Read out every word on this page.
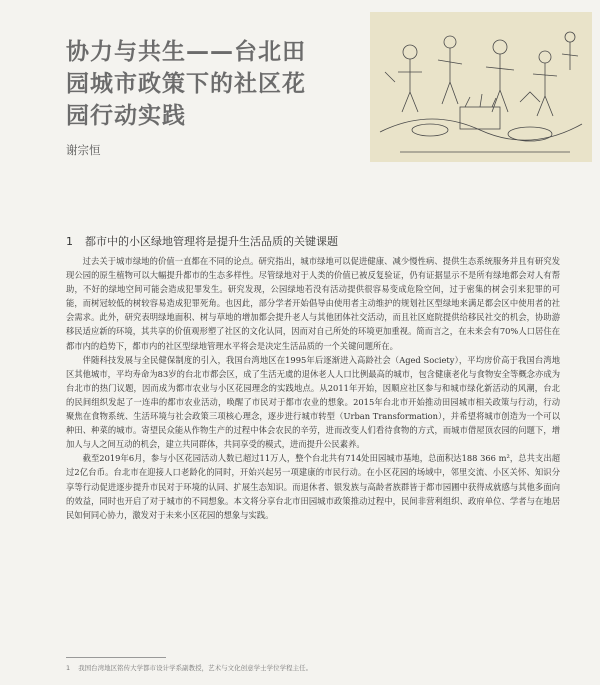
协力与共生——台北田
园城市政策下的社区花
园行动实践
谢宗恒
1 都市中的小区绿地管理将是提升生活品质的关键课题

过去关于城市绿地的价值一直都在不同的论点。研究指出，城市绿地可以促进健康、减少慢性病、提供生态系统服务并且有研究发现公园的原生植物可以大幅提升都市的生态多样性。尽管绿地对于人类的价值已被反复验证，仍有证据显示不是所有绿地都会对人有帮助，不好的绿地空间可能会造成犯罪发生。研究发现，公园绿地若没有活动提供很容易变成危险空间，过于密集的树会引来犯罪的可能，而树冠较低的树较容易造成犯罪死角。也因此，部分学者开始倡导由使用者主动维护的规划社区型绿地来满足都会区中使用者的社会需求。此外，研究表明绿地面积、树与草地的增加都会提升老人与其他团体社交活动，而且社区庭院提供给移民社交的机会，协助游移民适应新的环境，其共享的价值观形塑了社区的文化认同，因而对自己所处的环境更加重视。简而言之，在未来会有70%人口居住在都市内的趋势下，都市内的社区型绿地管理水平将会是决定生活品质的一个关键问题所在。

伴随科技发展与全民健保制度的引入，我国台湾地区在1995年后逐渐进入高龄社会（Aged Society），平均房价高于我国台湾地区其他城市，平均寿命为83岁的台北市都会区，成了生活无虞的退休老人人口比例最高的城市，包含健康老化与食物安全等概念亦成为台北市的热门议题，因而成为都市农业与小区花园理念的实践地点。从2011年开始，因顺应社区参与和城市绿化新活动的风潮，台北的民间组织发起了一连串的都市农业活动，唤醒了市民对于都市农业的想象。2015年台北市开始推动田园城市相关政策与行动，行动聚焦在食物系统、生活环境与社会政策三项核心理念，逐步进行城市转型（Urban Transformation），并希望将城市创造为一个可以种田、种菜的城市。寄望民众能从作物生产的过程中体会农民的辛劳，进而改变人们看待食物的方式，而城市借屋顶农园的问题下，增加人与人之间互动的机会，建立共同群体，共同享受的模式，进而提升公民素养。

截至2019年6月，参与小区花园活动人数已超过11万人，整个台北共有714处田园城市基地，总面积达188 366 m²，总共支出超过2亿台币。台北市在迎接人口老龄化的同时，开始兴起另一项建康的市民行动。在小区花园的场域中，邻里交流、小区关怀、知识分享等行动促进逐步提升市民对于环境的认同、扩展生态知识。而退休者、银发族与高龄者族群皆于都市园圃中获得成就感与其他多面向的效益，同时也开启了对于城市的不同想象。本文将分享台北市田园城市政策推动过程中，民间非营利组织、政府单位、学者与在地居民如何同心协力，激发对于未来小区花园的想象与实践。

1 我国台湾地区铭传大学都市设计学系副教授，艺术与文化创意学士学位学程主任。
